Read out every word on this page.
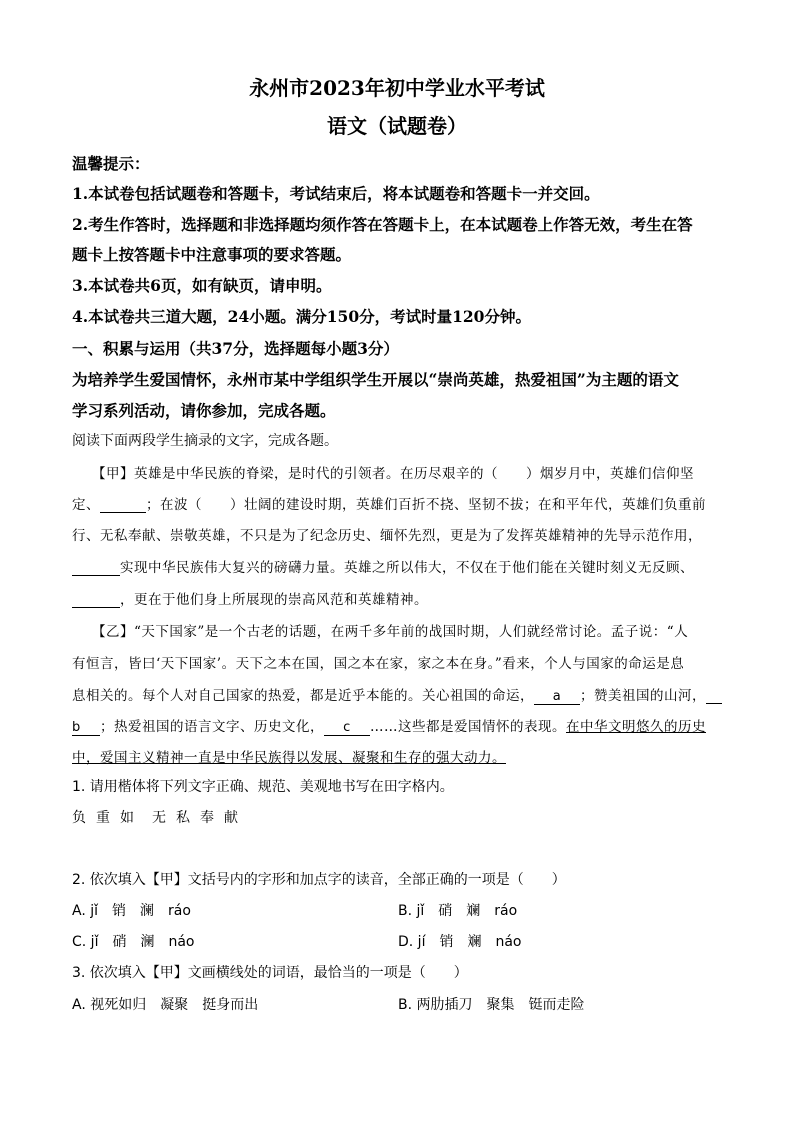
永州市2023年初中学业水平考试
语文（试题卷）
温馨提示：
1.本试卷包括试题卷和答题卡，考试结束后，将本试题卷和答题卡一并交回。
2.考生作答时，选择题和非选择题均须作答在答题卡上，在本试题卷上作答无效，考生在答
题卡上按答题卡中注意事项的要求答题。
3.本试卷共6页，如有缺页，请申明。
4.本试卷共三道大题，24小题。满分150分，考试时量120分钟。
一、积累与运用（共37分，选择题每小题3分）
为培养学生爱国情怀，永州市某中学组织学生开展以“崇尚英雄，热爱祖国”为主题的语文
学习系列活动，请你参加，完成各题。
阅读下面两段学生摘录的文字，完成各题。
【甲】英雄是中华民族的脊梁，是时代的引领者。在历尽艰辛的（　　）烟岁月中，英雄们信仰坚
定、	；在波（　　）壮阔的建设时期，英雄们百折不挠、坚韧不拔；在和平年代，英雄们负重前
行、无私奉献、崇敬英雄，不只是为了纪念历史、缅怀先烈，更是为了发挥英雄精神的先导示范作用，
实现中华民族伟大复兴的磅礴力量。英雄之所以伟大，不仅在于他们能在关键时刻义无反顾、
，更在于他们身上所展现的崇高风范和英雄精神。
【乙】“天下国家”是一个古老的话题，在两千多年前的战国时期，人们就经常讨论。孟子说：“人
有恒言，皆曰‘天下国家’。天下之本在国，国之本在家，家之本在身。”看来，个人与国家的命运是息
息相关的。每个人对自己国家的热爱，都是近乎本能的。关心祖国的命运， a ；赞美祖国的山河，
b ；热爱祖国的语言文字、历史文化， c ……这些都是爱国情怀的表现。在中华文明悠久的历史
中，爱国主义精神一直是中华民族得以发展、凝聚和生存的强大动力。
1. 请用楷体将下列文字正确、规范、美观地书写在田字格内。
负 重 如 无 私 奉 献
2. 依次填入【甲】文括号内的字形和加点字的读音，全部正确的一项是（　　）
A. jǐ　销　澜　ráo	B. jǐ　硝　斓　ráo
C. jǐ　硝　澜　náo	D. jí　销　斓　náo
3. 依次填入【甲】文画横线处的词语，最恰当的一项是（　　）
A. 视死如归　凝聚　挺身而出	B. 两肋插刀　聚集　铤而走险
